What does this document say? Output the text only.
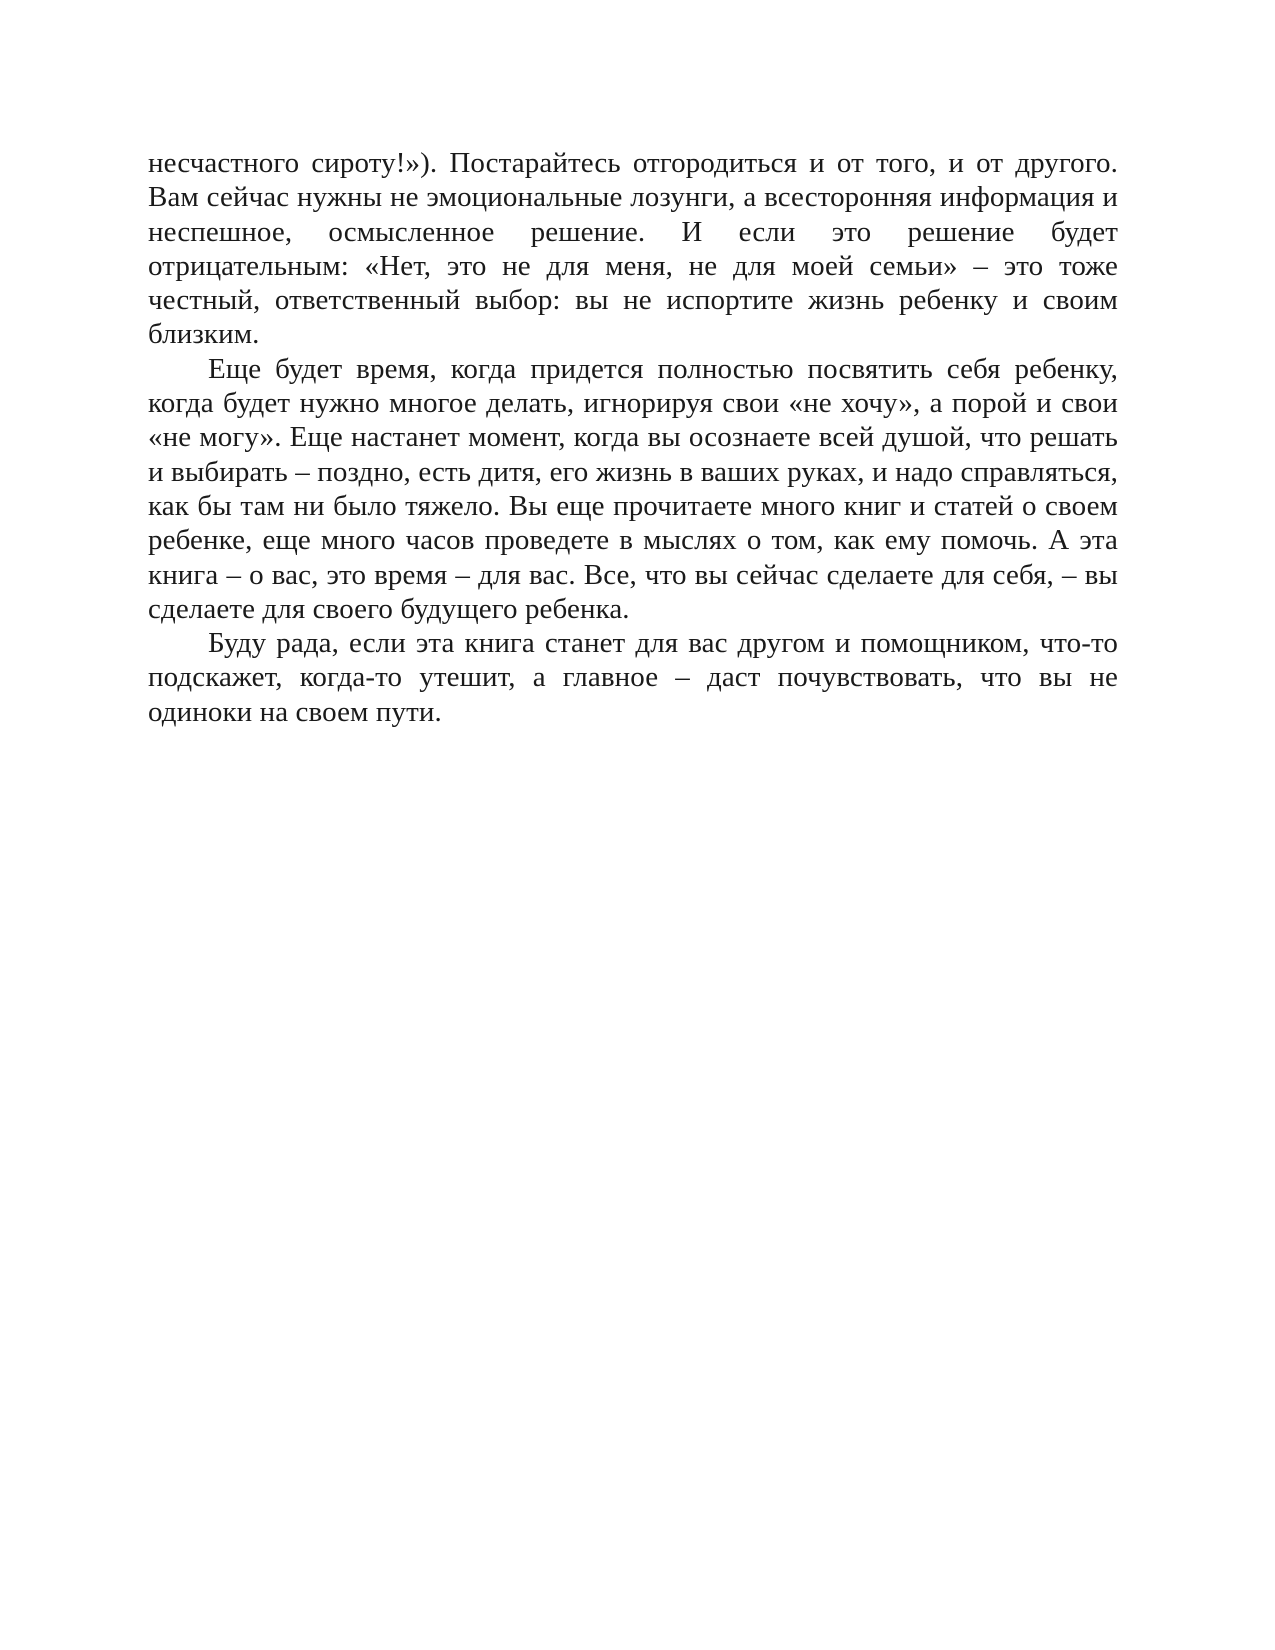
несчастного сироту!»). Постарайтесь отгородиться и от того, и от другого. Вам сейчас нужны не эмоциональные лозунги, а всесторонняя информация и неспешное, осмысленное решение. И если это решение будет отрицательным: «Нет, это не для меня, не для моей семьи» – это тоже честный, ответственный выбор: вы не испортите жизнь ребенку и своим близким.

Еще будет время, когда придется полностью посвятить себя ребенку, когда будет нужно многое делать, игнорируя свои «не хочу», а порой и свои «не могу». Еще настанет момент, когда вы осознаете всей душой, что решать и выбирать – поздно, есть дитя, его жизнь в ваших руках, и надо справляться, как бы там ни было тяжело. Вы еще прочитаете много книг и статей о своем ребенке, еще много часов проведете в мыслях о том, как ему помочь. А эта книга – о вас, это время – для вас. Все, что вы сейчас сделаете для себя, – вы сделаете для своего будущего ребенка.

Буду рада, если эта книга станет для вас другом и помощником, что-то подскажет, когда-то утешит, а главное – даст почувствовать, что вы не одиноки на своем пути.
